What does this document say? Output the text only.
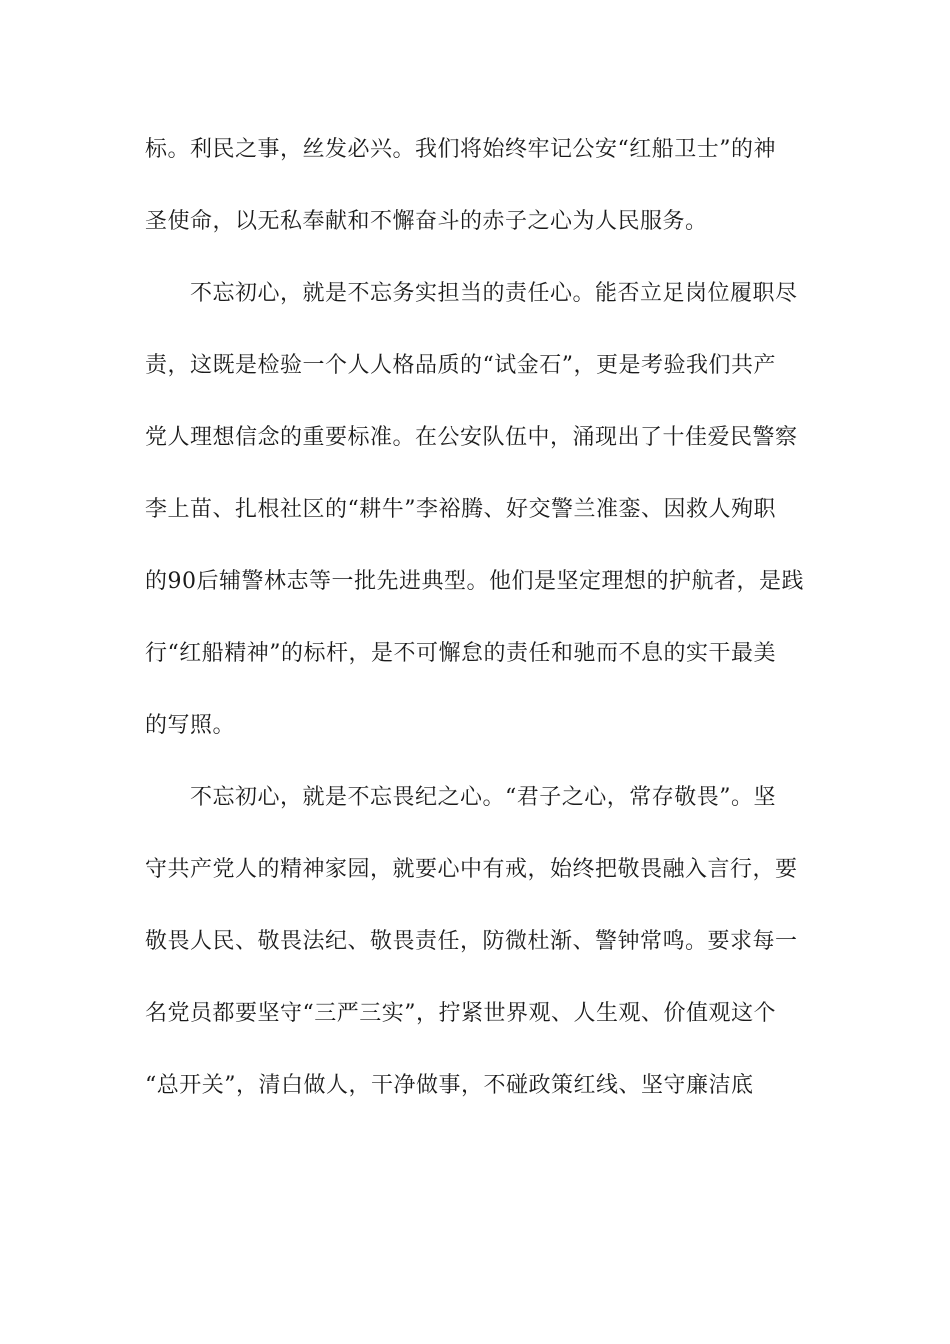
标。利民之事，丝发必兴。我们将始终牢记公安“红船卫士”的神
圣使命，以无私奉献和不懈奋斗的赤子之心为人民服务。
不忘初心，就是不忘务实担当的责任心。能否立足岗位履职尽
责，这既是检验一个人人格品质的“试金石”，更是考验我们共产
党人理想信念的重要标准。在公安队伍中，涌现出了十佳爱民警察
李上苗、扎根社区的“耕牛”李裕腾、好交警兰准銮、因救人殉职
的90后辅警林志等一批先进典型。他们是坚定理想的护航者，是践
行“红船精神”的标杆，是不可懈怠的责任和驰而不息的实干最美
的写照。
不忘初心，就是不忘畏纪之心。“君子之心，常存敬畏”。坚
守共产党人的精神家园，就要心中有戒，始终把敬畏融入言行，要
敬畏人民、敬畏法纪、敬畏责任，防微杜渐、警钟常鸣。要求每一
名党员都要坚守“三严三实”，拧紧世界观、人生观、价值观这个
“总开关”，清白做人，干净做事，不碰政策红线、坚守廉洁底
